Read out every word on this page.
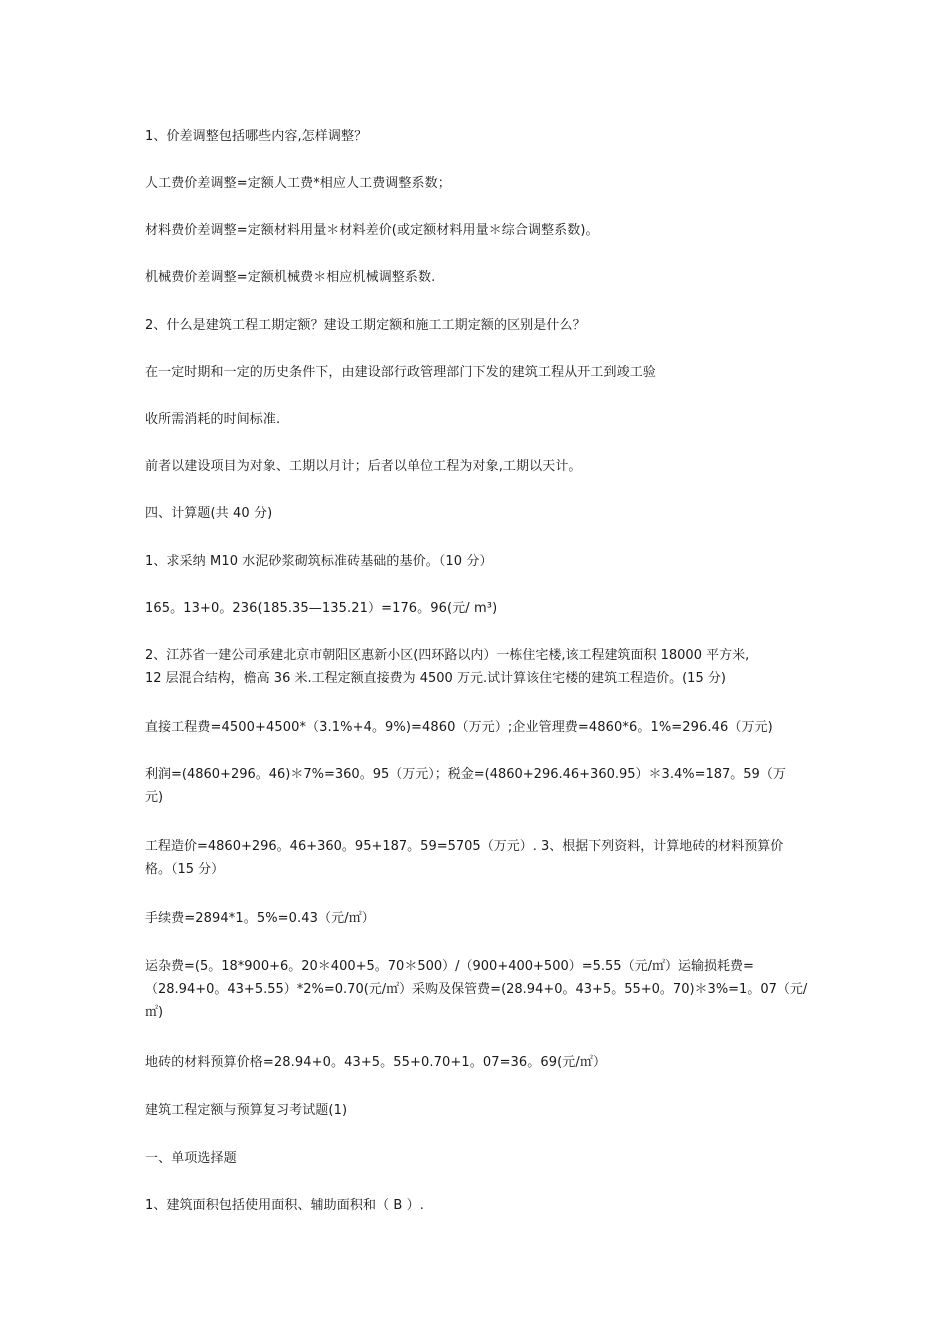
1、价差调整包括哪些内容,怎样调整？
人工费价差调整=定额人工费*相应人工费调整系数；
材料费价差调整=定额材料用量＊材料差价(或定额材料用量＊综合调整系数)。
机械费价差调整=定额机械费＊相应机械调整系数.
2、什么是建筑工程工期定额？建设工期定额和施工工期定额的区别是什么？
在一定时期和一定的历史条件下，由建设部行政管理部门下发的建筑工程从开工到竣工验
收所需消耗的时间标准.
前者以建设项目为对象、工期以月计；后者以单位工程为对象,工期以天计。
四、计算题(共 40 分)
1、求采纳 M10 水泥砂浆砌筑标准砖基础的基价。（10 分）
165。13+0。236(185.35—135.21）=176。96(元/ m³)
2、江苏省一建公司承建北京市朝阳区惠新小区(四环路以内）一栋住宅楼,该工程建筑面积 18000 平方米,
12 层混合结构，檐高 36 米.工程定额直接费为 4500 万元.试计算该住宅楼的建筑工程造价。(15 分)
直接工程费=4500+4500*（3.1%+4。9%)=4860（万元）;企业管理费=4860*6。1%=296.46（万元)
利润=(4860+296。46)＊7%=360。95（万元）；税金=(4860+296.46+360.95）＊3.4%=187。59（万
元)
工程造价=4860+296。46+360。95+187。59=5705（万元）. 3、根据下列资料，计算地砖的材料预算价
格。（15 分）
手续费=2894*1。5%=0.43（元/㎡）
运杂费=(5。18*900+6。20＊400+5。70＊500）/（900+400+500）=5.55（元/㎡）运输损耗费=
（28.94+0。43+5.55）*2%=0.70(元/㎡）采购及保管费=(28.94+0。43+5。55+0。70)＊3%=1。07（元/
㎡)
地砖的材料预算价格=28.94+0。43+5。55+0.70+1。07=36。69(元/㎡）
建筑工程定额与预算复习考试题(1)
一、单项选择题
1、建筑面积包括使用面积、辅助面积和（ B ）.
